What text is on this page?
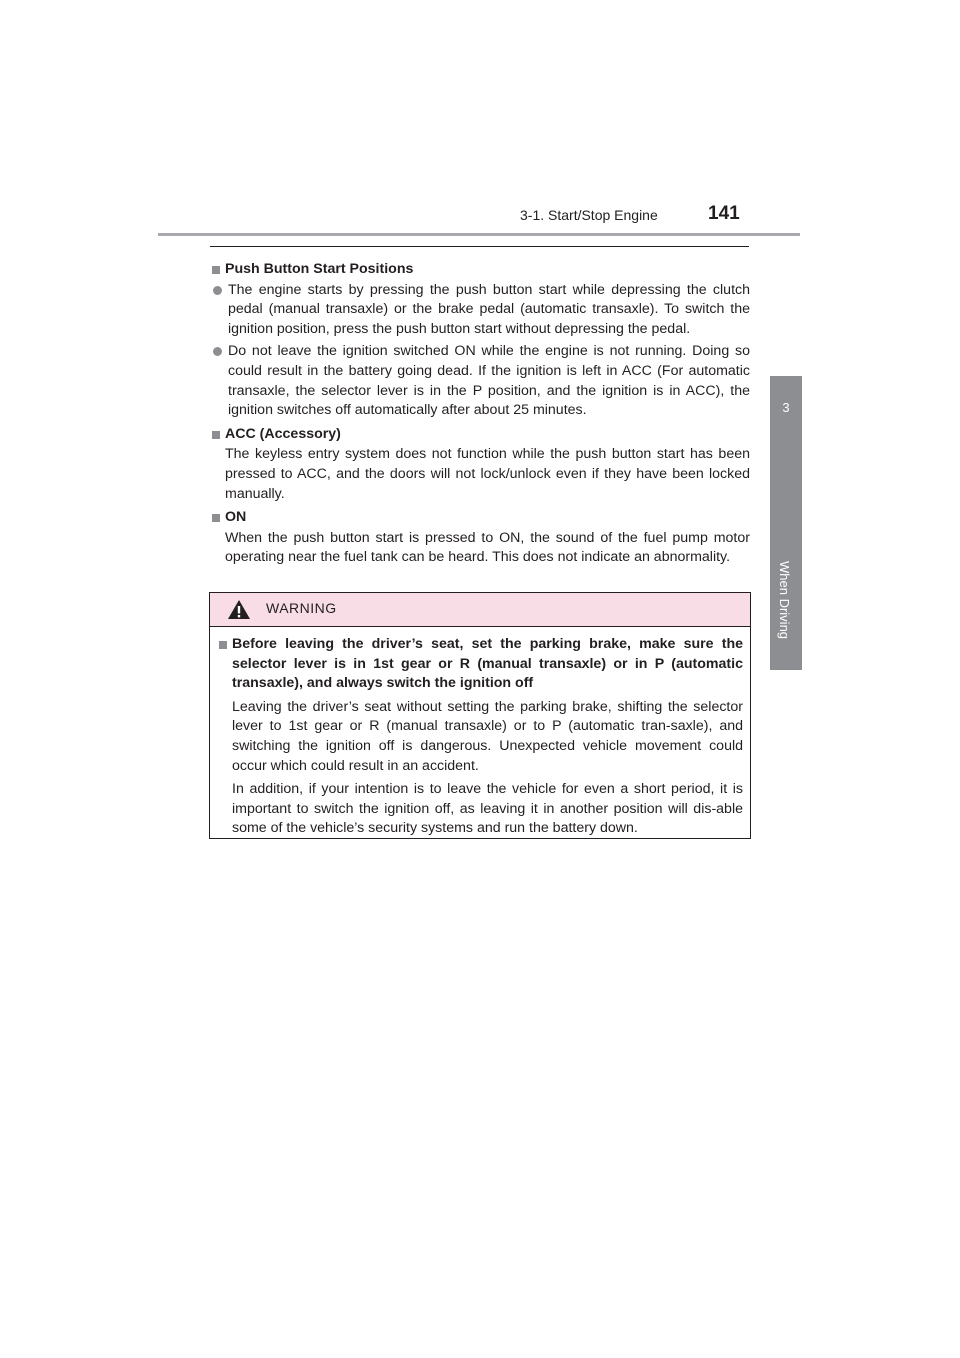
3-1. Start/Stop Engine	141
3
When Driving
Push Button Start Positions
The engine starts by pressing the push button start while depressing the clutch pedal (manual transaxle) or the brake pedal (automatic transaxle). To switch the ignition position, press the push button start without depressing the pedal.
Do not leave the ignition switched ON while the engine is not running. Doing so could result in the battery going dead. If the ignition is left in ACC (For automatic transaxle, the selector lever is in the P position, and the ignition is in ACC), the ignition switches off automatically after about 25 minutes.
ACC (Accessory)
The keyless entry system does not function while the push button start has been pressed to ACC, and the doors will not lock/unlock even if they have been locked manually.
ON
When the push button start is pressed to ON, the sound of the fuel pump motor operating near the fuel tank can be heard. This does not indicate an abnormality.
WARNING
Before leaving the driver’s seat, set the parking brake, make sure the selector lever is in 1st gear or R (manual transaxle) or in P (automatic transaxle), and always switch the ignition off
Leaving the driver’s seat without setting the parking brake, shifting the selector lever to 1st gear or R (manual transaxle) or to P (automatic tran-saxle), and switching the ignition off is dangerous. Unexpected vehicle movement could occur which could result in an accident.
In addition, if your intention is to leave the vehicle for even a short period, it is important to switch the ignition off, as leaving it in another position will dis-able some of the vehicle’s security systems and run the battery down.
